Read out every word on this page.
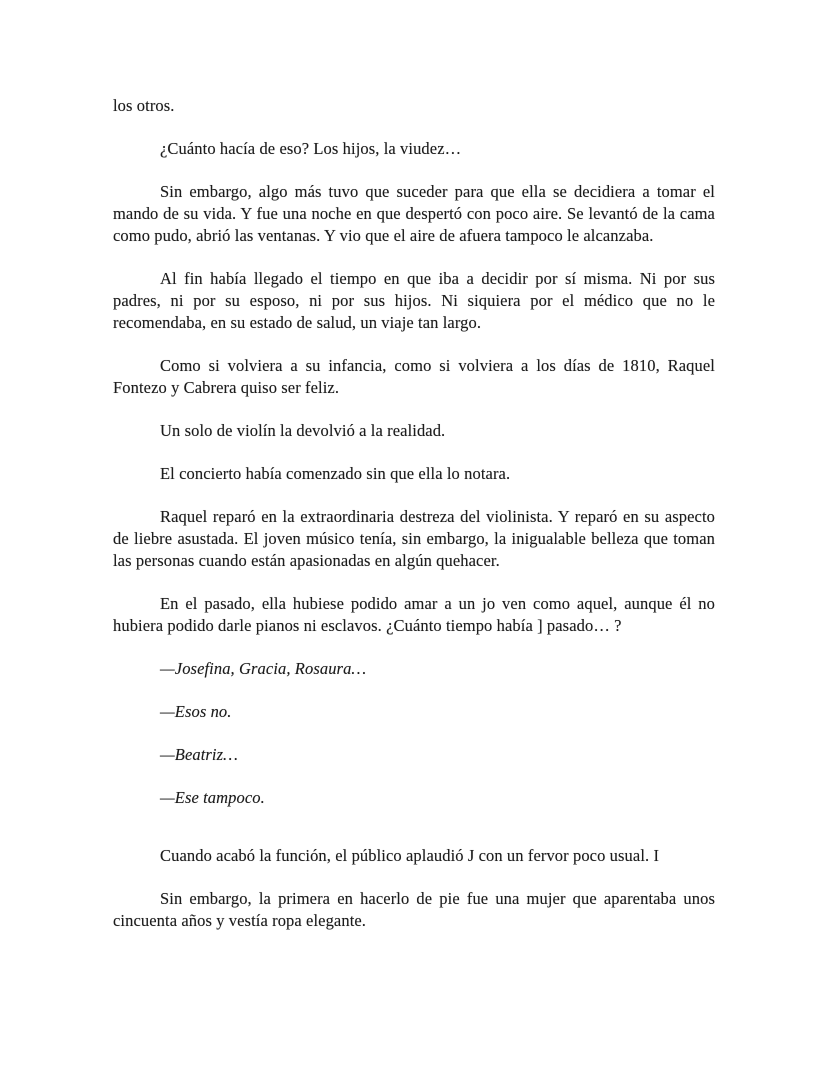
los otros.

¿Cuánto hacía de eso? Los hijos, la viudez…

Sin embargo, algo más tuvo que suceder para que ella se decidiera a tomar el mando de su vida. Y fue una noche en que despertó con poco aire. Se levantó de la cama como pudo, abrió las ventanas. Y vio que el aire de afuera tampoco le alcanzaba.

Al fin había llegado el tiempo en que iba a decidir por sí misma. Ni por sus padres, ni por su esposo, ni por sus hijos. Ni siquiera por el médico que no le recomendaba, en su estado de salud, un viaje tan largo.

Como si volviera a su infancia, como si volviera a los días de 1810, Raquel Fontezo y Cabrera quiso ser feliz.

Un solo de violín la devolvió a la realidad.

El concierto había comenzado sin que ella lo notara.

Raquel reparó en la extraordinaria destreza del violinista. Y reparó en su aspecto de liebre asustada. El joven músico tenía, sin embargo, la inigualable belleza que toman las personas cuando están apasionadas en algún quehacer.

En el pasado, ella hubiese podido amar a un jo ven como aquel, aunque él no hubiera podido darle pianos ni esclavos. ¿Cuánto tiempo había ] pasado… ?

—Josefina, Gracia, Rosaura…

—Esos no.

—Beatriz…

—Ese tampoco.

Cuando acabó la función, el público aplaudió J con un fervor poco usual. I

Sin embargo, la primera en hacerlo de pie fue una mujer que aparentaba unos cincuenta años y vestía ropa elegante.
